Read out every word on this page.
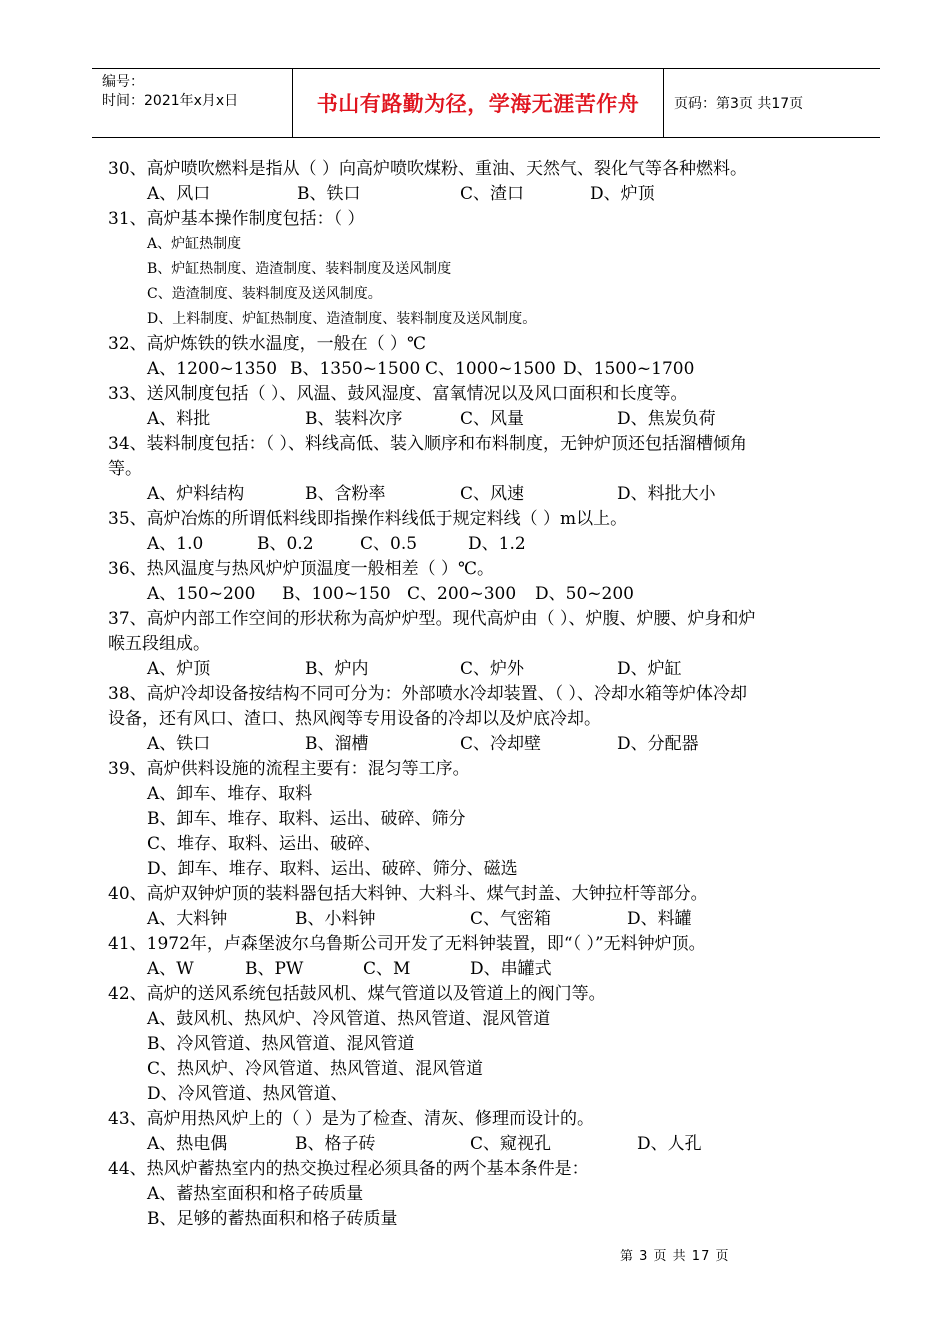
编号：
时间：2021年x月x日	书山有路勤为径，学海无涯苦作舟	页码：第3页 共17页
30、高炉喷吹燃料是指从（ ）向高炉喷吹煤粉、重油、天然气、裂化气等各种燃料。
A、风口	B、铁口	C、渣口	D、炉顶
31、高炉基本操作制度包括：（ ）
A、炉缸热制度
B、炉缸热制度、造渣制度、装料制度及送风制度
C、造渣制度、装料制度及送风制度。
D、上料制度、炉缸热制度、造渣制度、装料制度及送风制度。
32、高炉炼铁的铁水温度，一般在（ ）℃
A、1200~1350 B、1350~1500 C、1000~1500 D、1500~1700
33、送风制度包括（ ）、风温、鼓风湿度、富氧情况以及风口面积和长度等。
A、料批	B、装料次序	C、风量	D、焦炭负荷
34、装料制度包括：（ ）、料线高低、装入顺序和布料制度，无钟炉顶还包括溜槽倾角
等。
A、炉料结构	B、含粉率	C、风速	D、料批大小
35、高炉冶炼的所谓低料线即指操作料线低于规定料线（ ）m以上。
A、1.0	B、0.2	C、0.5	D、1.2
36、热风温度与热风炉炉顶温度一般相差（ ）℃。
A、150~200 B、100~150 C、200~300 D、50~200
37、高炉内部工作空间的形状称为高炉炉型。现代高炉由（ ）、炉腹、炉腰、炉身和炉
喉五段组成。
A、炉顶	B、炉内	C、炉外	D、炉缸
38、高炉冷却设备按结构不同可分为：外部喷水冷却装置、（ ）、冷却水箱等炉体冷却
设备，还有风口、渣口、热风阀等专用设备的冷却以及炉底冷却。
A、铁口	B、溜槽	C、冷却壁	D、分配器
39、高炉供料设施的流程主要有：混匀等工序。
A、卸车、堆存、取料
B、卸车、堆存、取料、运出、破碎、筛分
C、堆存、取料、运出、破碎、
D、卸车、堆存、取料、运出、破碎、筛分、磁选
40、高炉双钟炉顶的装料器包括大料钟、大料斗、煤气封盖、大钟拉杆等部分。
A、大料钟	B、小料钟	C、气密箱	D、料罐
41、1972年，卢森堡波尔乌鲁斯公司开发了无料钟装置，即“（ ）”无料钟炉顶。
A、W	B、PW	C、M	D、串罐式
42、高炉的送风系统包括鼓风机、煤气管道以及管道上的阀门等。
A、鼓风机、热风炉、冷风管道、热风管道、混风管道
B、冷风管道、热风管道、混风管道
C、热风炉、冷风管道、热风管道、混风管道
D、冷风管道、热风管道、
43、高炉用热风炉上的（ ）是为了检查、清灰、修理而设计的。
A、热电偶	B、格子砖	C、窥视孔	D、人孔
44、热风炉蓄热室内的热交换过程必须具备的两个基本条件是：
A、蓄热室面积和格子砖质量
B、足够的蓄热面积和格子砖质量
第 3 页 共 17 页
